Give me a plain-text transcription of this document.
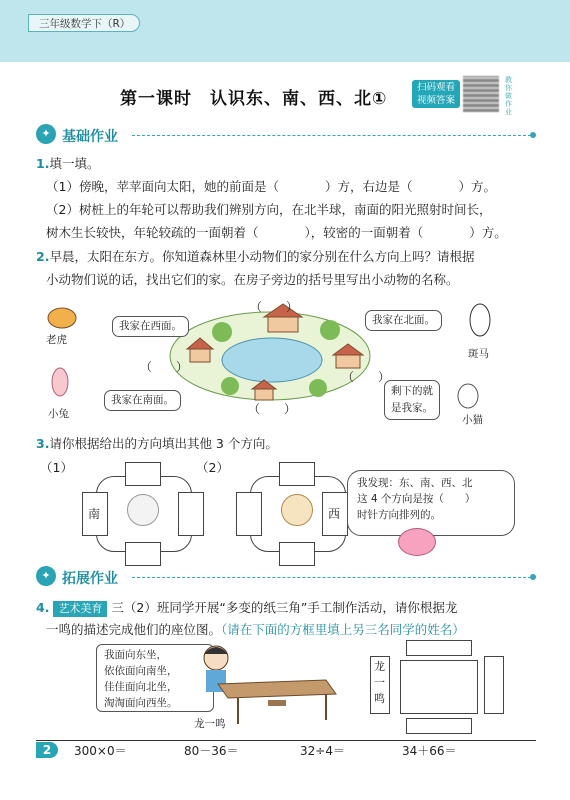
三年级数学下（R）
第一课时　认识东、南、西、北①
扫码观看
视频答案
教你做作业
✦ 基础作业
1.填一填。
（1）傍晚，苹苹面向太阳，她的前面是（	）方，右边是（	）方。
（2）树桩上的年轮可以帮助我们辨别方向，在北半球，南面的阳光照射时间长，
树木生长较快，年轮较疏的一面朝着（	），较密的一面朝着（	）方。
2.早晨，太阳在东方。你知道森林里小动物们的家分别在什么方向上吗？请根据
小动物们说的话，找出它们的家。在房子旁边的括号里写出小动物的名称。
我家在西面。
老虎
我家在北面。
斑马
我家在南面。
小兔
剩下的就
是我家。
小猫
（　　）
（　　）
（　　）
（　　）
3.请你根据给出的方向填出其他 3 个方向。
（1）	（2）
南	西
我发现：东、南、西、北
这 4 个方向是按（　　）
时针方向排列的。
✦ 拓展作业
4. 艺术美育 三（2）班同学开展“多变的纸三角”手工制作活动，请你根据龙
一鸣的描述完成他们的座位图。（请在下面的方框里填上另三名同学的姓名）
我面向东坐，
依依面向南坐，
佳佳面向北坐，
淘淘面向西坐。
龙一鸣
龙
一
鸣
2	300×0＝	80－36＝	32÷4＝	34＋66＝
